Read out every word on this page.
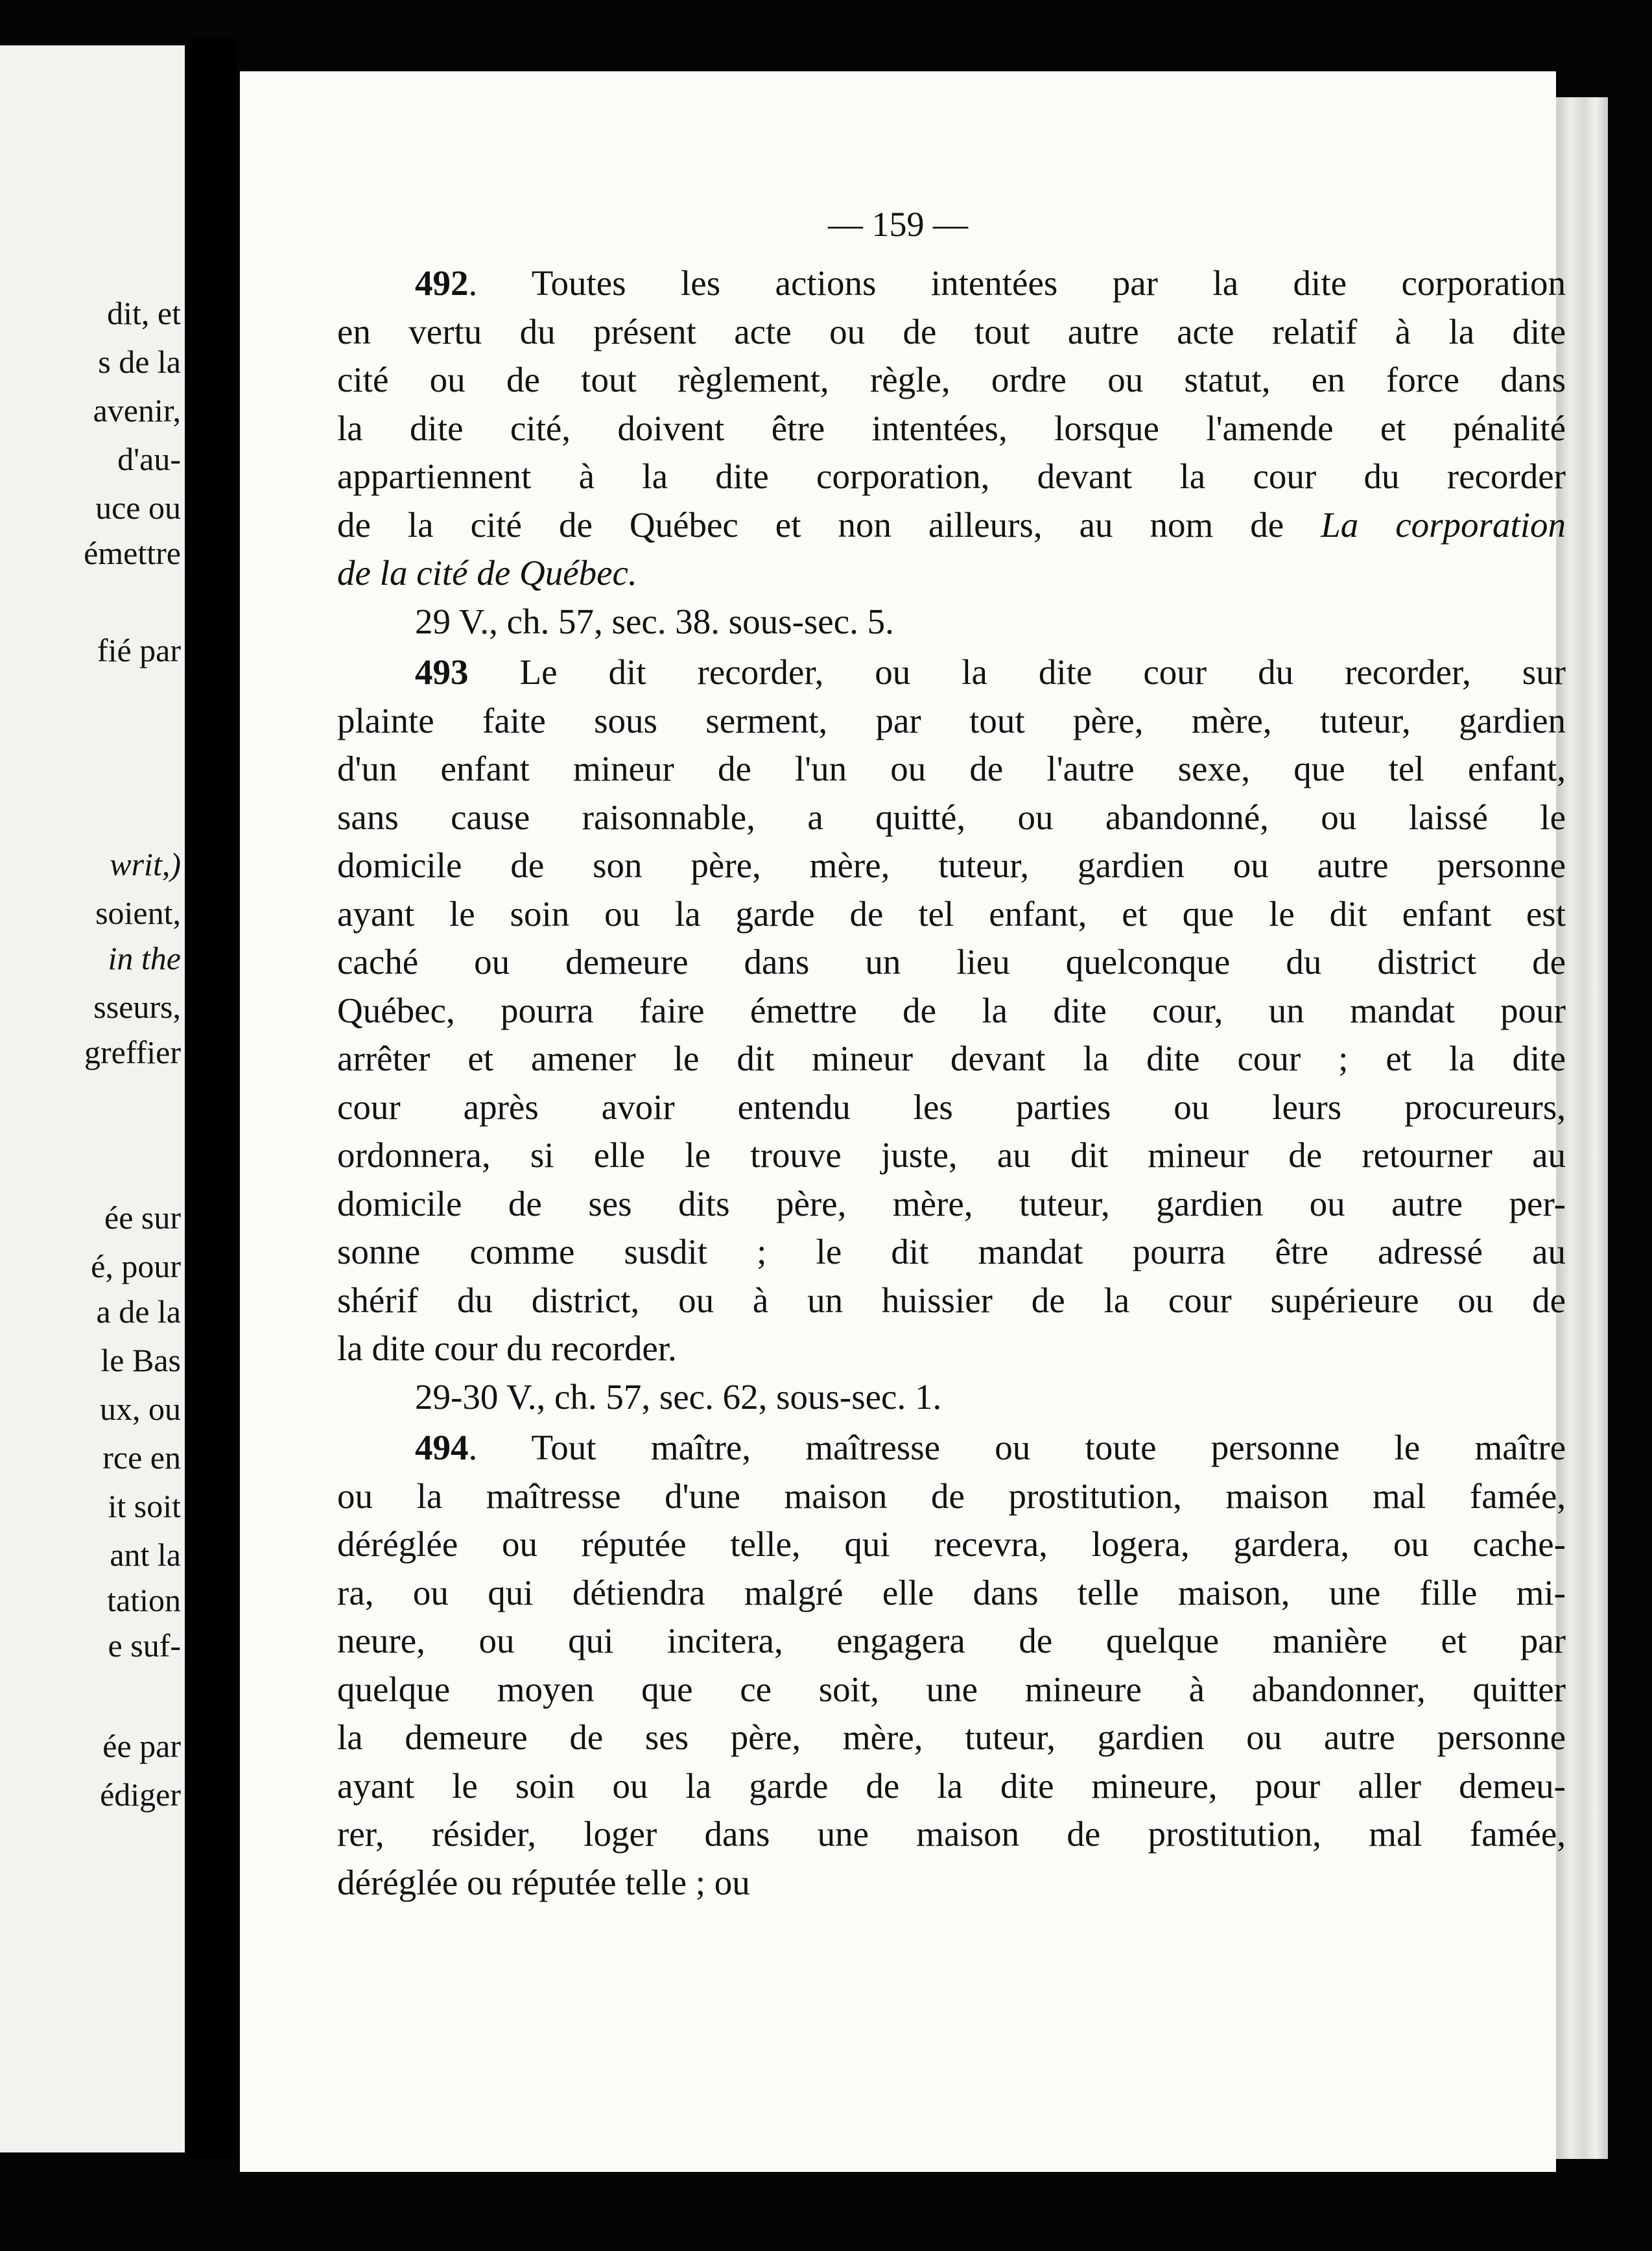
dit, et
s de la
avenir,
d'au-
uce ou
émettre
fié par
writ,)
soient,
in the
sseurs,
greffier
ée sur
é, pour
a de la
le Bas
ux, ou
rce en
it soit
ant la
tation
e suf-
ée par
édiger
— 159 —
492. Toutes les actions intentées par la dite corporation
en vertu du présent acte ou de tout autre acte relatif à la dite
cité ou de tout règlement, règle, ordre ou statut, en force dans
la dite cité, doivent être intentées, lorsque l'amende et pénalité
appartiennent à la dite corporation, devant la cour du recorder
de la cité de Québec et non ailleurs, au nom de La corporation
de la cité de Québec.
29 V., ch. 57, sec. 38. sous-sec. 5.
493 Le dit recorder, ou la dite cour du recorder, sur
plainte faite sous serment, par tout père, mère, tuteur, gardien
d'un enfant mineur de l'un ou de l'autre sexe, que tel enfant,
sans cause raisonnable, a quitté, ou abandonné, ou laissé le
domicile de son père, mère, tuteur, gardien ou autre personne
ayant le soin ou la garde de tel enfant, et que le dit enfant est
caché ou demeure dans un lieu quelconque du district de
Québec, pourra faire émettre de la dite cour, un mandat pour
arrêter et amener le dit mineur devant la dite cour ; et la dite
cour après avoir entendu les parties ou leurs procureurs,
ordonnera, si elle le trouve juste, au dit mineur de retourner au
domicile de ses dits père, mère, tuteur, gardien ou autre per-
sonne comme susdit ; le dit mandat pourra être adressé au
shérif du district, ou à un huissier de la cour supérieure ou de
la dite cour du recorder.
29-30 V., ch. 57, sec. 62, sous-sec. 1.
494. Tout maître, maîtresse ou toute personne le maître
ou la maîtresse d'une maison de prostitution, maison mal famée,
déréglée ou réputée telle, qui recevra, logera, gardera, ou cache-
ra, ou qui détiendra malgré elle dans telle maison, une fille mi-
neure, ou qui incitera, engagera de quelque manière et par
quelque moyen que ce soit, une mineure à abandonner, quitter
la demeure de ses père, mère, tuteur, gardien ou autre personne
ayant le soin ou la garde de la dite mineure, pour aller demeu-
rer, résider, loger dans une maison de prostitution, mal famée,
déréglée ou réputée telle ; ou
